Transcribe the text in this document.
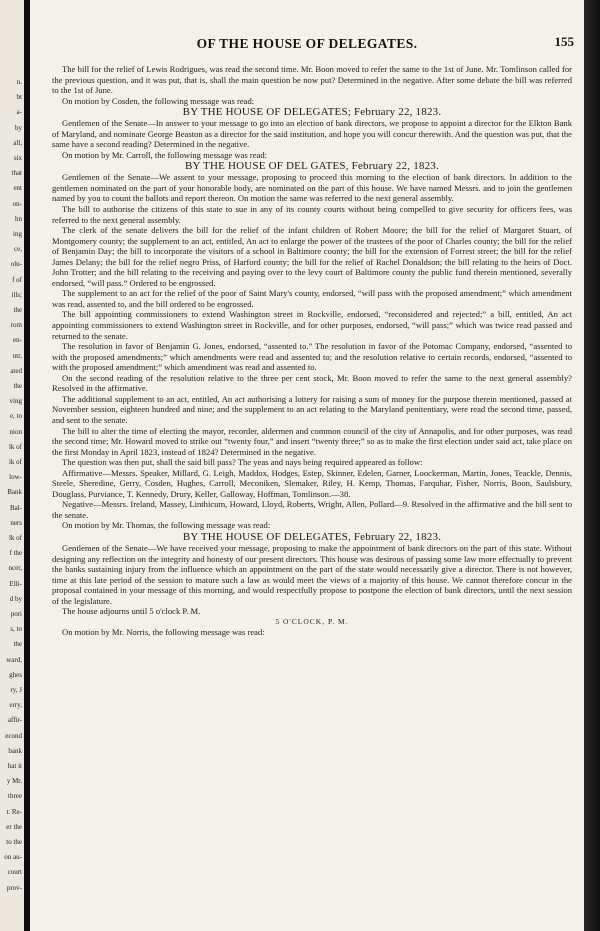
n.
bt
a-
by
all,
six
that
ent
on-
hn
ing
ce,
olu-
f of
ills;
the
rom
en-
ntr,
ated
the
ving
e, to
nion
lk of
ik of
low-
Bank
Bal-
ners
lk of
f the
ncer,
Elli-
d by
pori
s, to
the
ward,
ghes
ry, J
erry,
affir-
econd
bank
hat it
y Mr.
three
t. Re-
er the
to the
on au-
court
prov-
OF THE HOUSE OF DELEGATES.	155

The bill for the relief of Lewis Rodrigues, was read the second time. Mr. Boon moved to refer the same to the 1st of June. Mr. Tomlinson called for the previous question, and it was put, that is, shall the main question be now put? Determined in the negative. After some debate the bill was referred to the 1st of June.

On motion by Cosden, the following message was read:

BY THE HOUSE OF DELEGATES; February 22, 1823.

Gentlemen of the Senate—In answer to your message to go into an election of bank directors, we propose to appoint a director for the Elkton Bank of Maryland, and nominate George Beaston as a director for the said institution, and hope you will concur therewith. And the question was put, that the same have a second reading? Determined in the negative.

On motion by Mr. Carroll, the following message was read:

BY THE HOUSE OF DEL GATES, February 22, 1823.

Gentlemen of the Senate—We assent to your message, proposing to proceed this morning to the election of bank directors. In addition to the gentlemen nominated on the part of your honorable body, are nominated on the part of this house. We have named Messrs. and to join the gentlemen named by you to count the ballots and report thereon. On motion the same was referred to the next general assembly.

The bill to authorise the citizens of this state to sue in any of its county courts without being compelled to give security for officers fees, was referred to the next general assembly.

The clerk of the senate delivers the bill for the relief of the infant children of Robert Moore; the bill for the relief of Margaret Stuart, of Montgomery county; the supplement to an act, entitled, An act to enlarge the power of the trustees of the poor of Charles county; the bill for the relief of Benjamin Day; the bill to incorporate the visitors of a school in Baltimore county; the bill for the extension of Forrest street; the bill for the relief James Delany; the bill for the relief negro Priss, of Harford county; the bill for the relief of Rachel Donaldson; the bill relating to the heirs of Doct. John Trotter; and the bill relating to the receiving and paying over to the levy court of Baltimore county the public fund therein mentioned, severally endorsed, “will pass.” Ordered to be engrossed.

The supplement to an act for the relief of the poor of Saint Mary's county, endorsed, “will pass with the proposed amendment;” which amendment was read, assented to, and the bill ordered to be engrossed.

The bill appointing commissioners to extend Washington street in Rockville, endorsed, “reconsidered and rejected;” a bill, entitled, An act appointing commissioners to extend Washington street in Rockville, and for other purposes, endorsed, “will pass;” which was twice read passed and returned to the senate.

The resolution in favor of Benjamin G. Jones, endorsed, “assented to.” The resolution in favor of the Potomac Company, endorsed, “assented to with the proposed amendments;” which amendments were read and assented to; and the resolution relative to certain records, endorsed, “assented to with the proposed amendment;” which amendment was read and assented to.

On the second reading of the resolution relative to the three per cent stock, Mr. Boon moved to refer the same to the next general assembly? Resolved in the affirmative.

The additional supplement to an act, entitled, An act authorising a lottery for raising a sum of money for the purpose therein mentioned, passed at November session, eighteen hundred and nine; and the supplement to an act relating to the Maryland penitentiary, were read the second time, passed, and sent to the senate.

The bill to alter the time of electing the mayor, recorder, aldermen and common council of the city of Annapolis, and for other purposes, was read the second time; Mr. Howard moved to strike out “twenty four,” and insert “twenty three;” so as to make the first election under said act, take place on the first Monday in April 1823, instead of 1824? Determined in the negative.

The question was then put, shall the said bill pass? The yeas and nays being required appeared as follow:

Affirmative—Messrs. Speaker, Millard, G. Leigh, Maddox, Hodges, Estep, Skinner, Edelen, Garner, Loockerman, Martin, Jones, Teackle, Dennis, Steele, Sheredine, Gerry, Cosden, Hughes, Carroll, Meconiken, Slemaker, Riley, H. Kemp, Thomas, Farquhar, Fisher, Norris, Boon, Saulsbury, Douglass, Purviance, T. Kennedy, Drury, Keller, Galloway, Hoffman, Tomlinson.—38.

Negative—Messrs. Ireland, Massey, Linthicum, Howard, Lloyd, Roberts, Wright, Allen, Pollard—9. Resolved in the affirmative and the bill sent to the senate.

On motion by Mr. Thomas, the following message was read:

BY THE HOUSE OF DELEGATES, February 22, 1823.

Gentlemen of the Senate—We have received your message, proposing to make the appointment of bank directors on the part of this state. Without designing any reflection on the integrity and honesty of our present directors. This house was desirous of passing some law more effectually to prevent the banks sustaining injury from the influence which an appointment on the part of the state would necessarily give a director. There is not however, time at this late period of the session to mature such a law as would meet the views of a majority of this house. We cannot therefore concur in the proposal contained in your message of this morning, and would respectfully propose to postpone the election of bank directors, until the next session of the legislature.

The house adjourns until 5 o'clock P. M.

5 O'CLOCK, P. M.

On motion by Mr. Norris, the following message was read:
